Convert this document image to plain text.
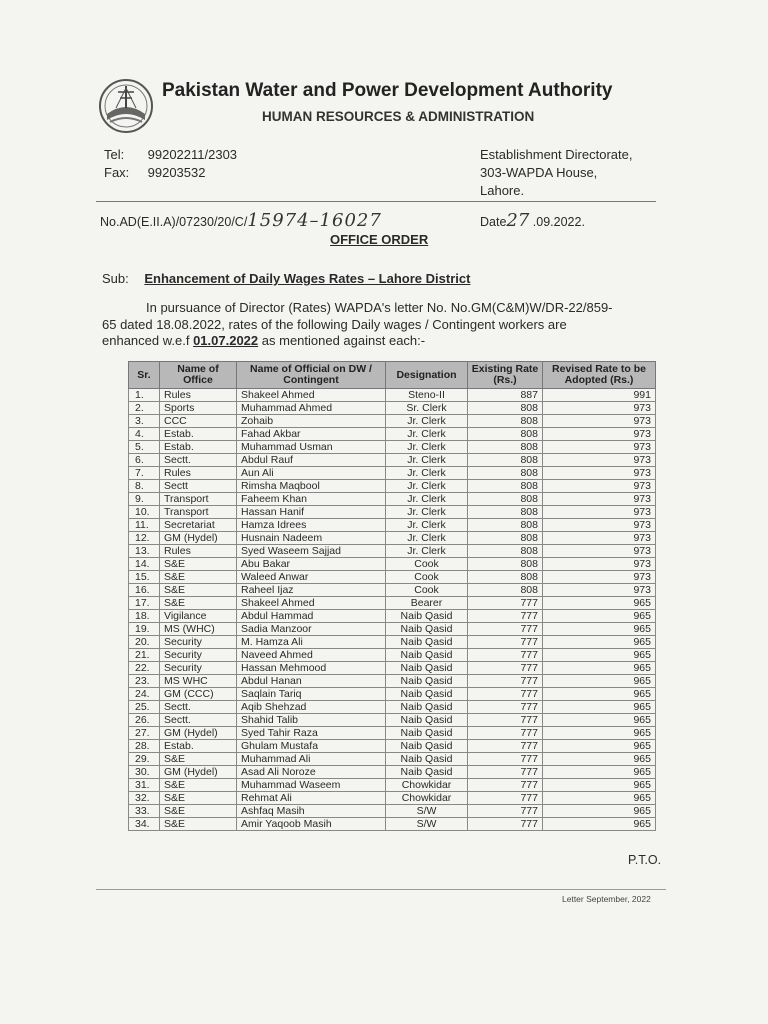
Pakistan Water and Power Development Authority
HUMAN RESOURCES & ADMINISTRATION
Tel: 99202211/2303
Fax: 99203532
Establishment Directorate,
303-WAPDA House,
Lahore.
No.AD(E.II.A)/07230/20/C/15974–16027	Date27 .09.2022.
OFFICE ORDER
Sub: Enhancement of Daily Wages Rates – Lahore District
In pursuance of Director (Rates) WAPDA's letter No. No.GM(C&M)W/DR-22/859-
65 dated 18.08.2022, rates of the following Daily wages / Contingent workers are
enhanced w.e.f 01.07.2022 as mentioned against each:-
Sr.	Name of Office	Name of Official on DW / Contingent	Designation	Existing Rate (Rs.)	Revised Rate to be Adopted (Rs.)
1.	Rules	Shakeel Ahmed	Steno-II	887	991
2.	Sports	Muhammad Ahmed	Sr. Clerk	808	973
3.	CCC	Zohaib	Jr. Clerk	808	973
4.	Estab.	Fahad Akbar	Jr. Clerk	808	973
5.	Estab.	Muhammad Usman	Jr. Clerk	808	973
6.	Sectt.	Abdul Rauf	Jr. Clerk	808	973
7.	Rules	Aun Ali	Jr. Clerk	808	973
8.	Sectt	Rimsha Maqbool	Jr. Clerk	808	973
9.	Transport	Faheem Khan	Jr. Clerk	808	973
10.	Transport	Hassan Hanif	Jr. Clerk	808	973
11.	Secretariat	Hamza Idrees	Jr. Clerk	808	973
12.	GM (Hydel)	Husnain Nadeem	Jr. Clerk	808	973
13.	Rules	Syed Waseem Sajjad	Jr. Clerk	808	973
14.	S&E	Abu Bakar	Cook	808	973
15.	S&E	Waleed Anwar	Cook	808	973
16.	S&E	Raheel Ijaz	Cook	808	973
17.	S&E	Shakeel Ahmed	Bearer	777	965
18.	Vigilance	Abdul Hammad	Naib Qasid	777	965
19.	MS (WHC)	Sadia Manzoor	Naib Qasid	777	965
20.	Security	M. Hamza Ali	Naib Qasid	777	965
21.	Security	Naveed Ahmed	Naib Qasid	777	965
22.	Security	Hassan Mehmood	Naib Qasid	777	965
23.	MS WHC	Abdul Hanan	Naib Qasid	777	965
24.	GM (CCC)	Saqlain Tariq	Naib Qasid	777	965
25.	Sectt.	Aqib Shehzad	Naib Qasid	777	965
26.	Sectt.	Shahid Talib	Naib Qasid	777	965
27.	GM (Hydel)	Syed Tahir Raza	Naib Qasid	777	965
28.	Estab.	Ghulam Mustafa	Naib Qasid	777	965
29.	S&E	Muhammad Ali	Naib Qasid	777	965
30.	GM (Hydel)	Asad Ali Noroze	Naib Qasid	777	965
31.	S&E	Muhammad Waseem	Chowkidar	777	965
32.	S&E	Rehmat Ali	Chowkidar	777	965
33.	S&E	Ashfaq Masih	S/W	777	965
34.	S&E	Amir Yaqoob Masih	S/W	777	965
P.T.O.
Letter September, 2022
